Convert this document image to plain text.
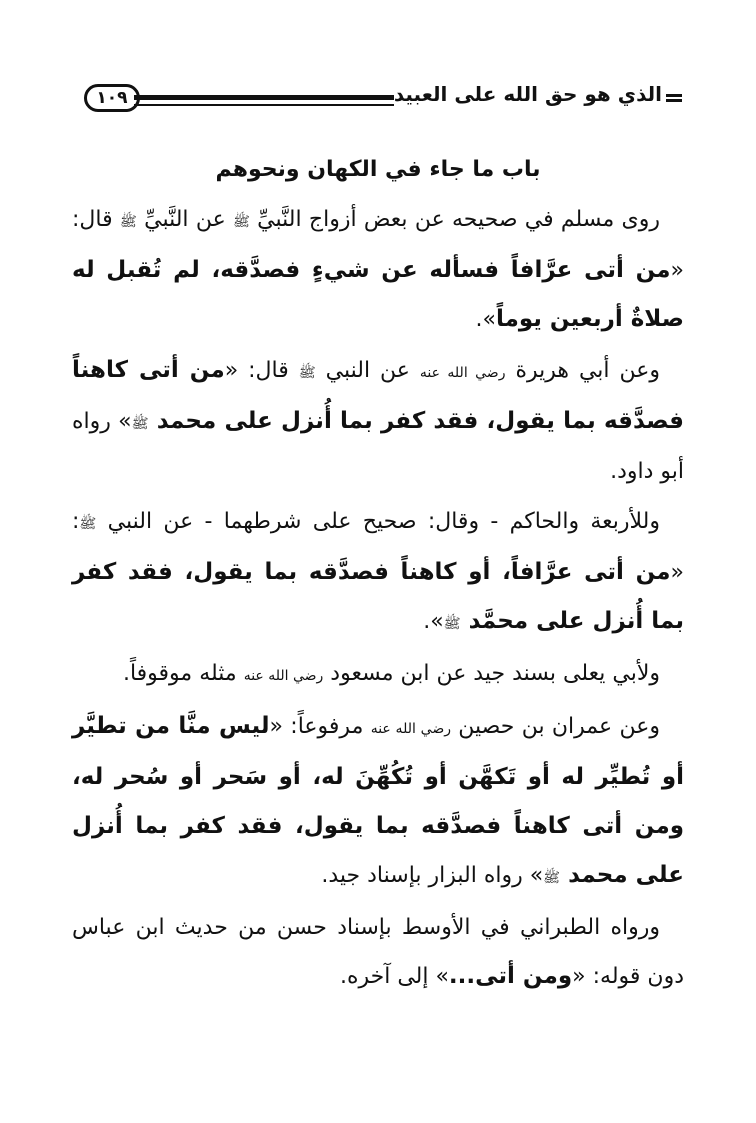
١٠٩	الذي هو حق الله على العبيد
باب ما جاء في الكهان ونحوهم

روى مسلم في صحيحه عن بعض أزواج النَّبيِّ ﷺ عن النَّبيِّ ﷺ قال: «من أتى عرَّافاً فسأله عن شيءٍ فصدَّقه، لم تُقبل له صلاةٌ أربعين يوماً».

وعن أبي هريرة رضي الله عنه عن النبي ﷺ قال: «من أتى كاهناً فصدَّقه بما يقول، فقد كفر بما أُنزل على محمد ﷺ» رواه أبو داود.

وللأربعة والحاكم - وقال: صحيح على شرطهما - عن النبي ﷺ: «من أتى عرَّافاً، أو كاهناً فصدَّقه بما يقول، فقد كفر بما أُنزل على محمَّد ﷺ».

ولأبي يعلى بسند جيد عن ابن مسعود رضي الله عنه مثله موقوفاً.

وعن عمران بن حصين رضي الله عنه مرفوعاً: «ليس منَّا من تطيَّر أو تُطيِّر له أو تَكهَّن أو تُكُهِّنَ له، أو سَحر أو سُحر له، ومن أتى كاهناً فصدَّقه بما يقول، فقد كفر بما أُنزل على محمد ﷺ» رواه البزار بإسناد جيد.

ورواه الطبراني في الأوسط بإسناد حسن من حديث ابن عباس دون قوله: «ومن أتى...» إلى آخره.
